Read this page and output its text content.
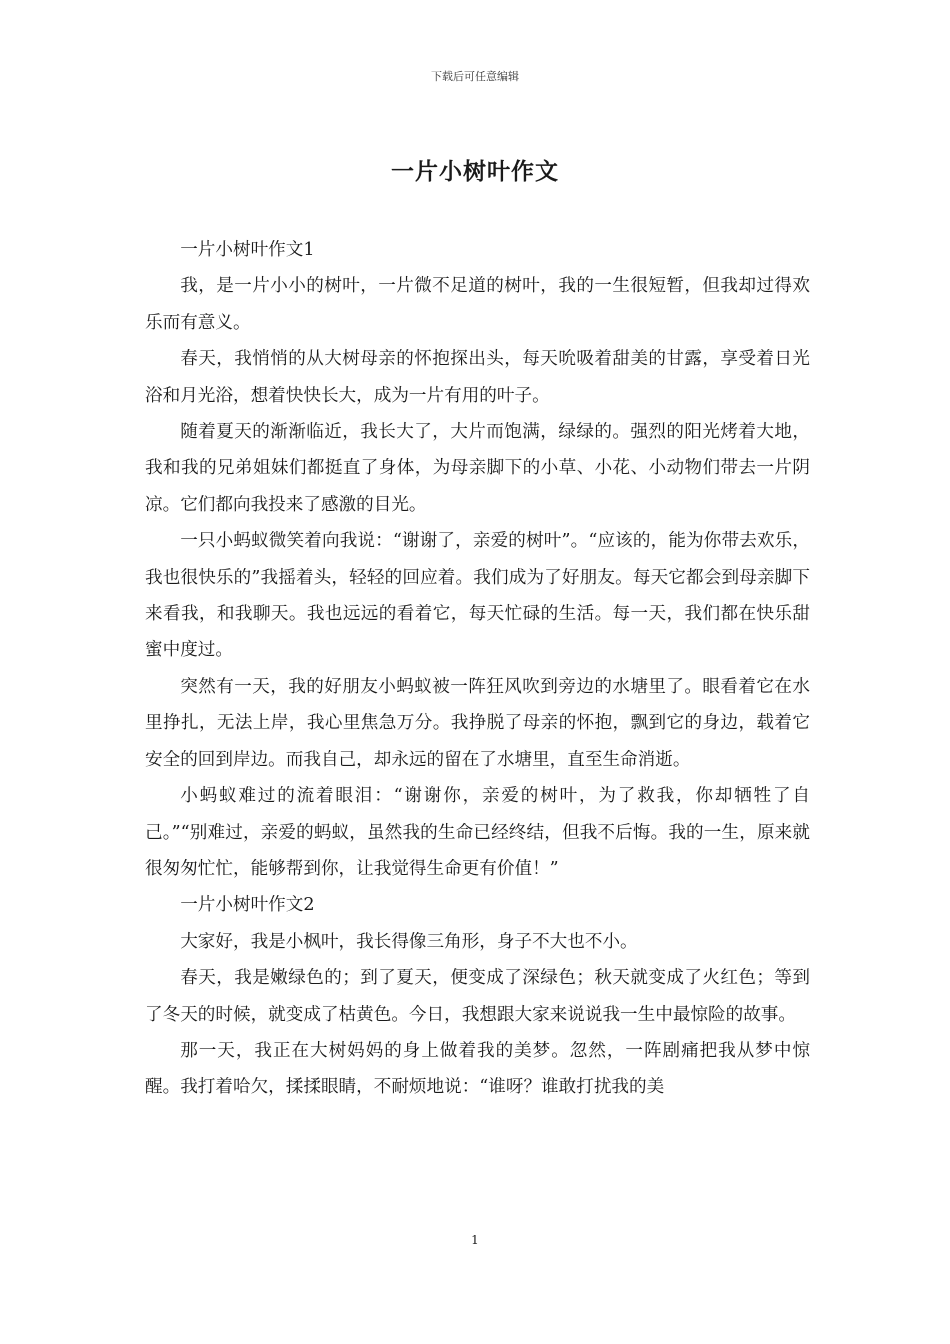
下载后可任意编辑
一片小树叶作文

一片小树叶作文1

我，是一片小小的树叶，一片微不足道的树叶，我的一生很短暂，但我却过得欢乐而有意义。

春天，我悄悄的从大树母亲的怀抱探出头，每天吮吸着甜美的甘露，享受着日光浴和月光浴，想着快快长大，成为一片有用的叶子。

随着夏天的渐渐临近，我长大了，大片而饱满，绿绿的。强烈的阳光烤着大地，我和我的兄弟姐妹们都挺直了身体，为母亲脚下的小草、小花、小动物们带去一片阴凉。它们都向我投来了感激的目光。

一只小蚂蚁微笑着向我说：“谢谢了，亲爱的树叶”。“应该的，能为你带去欢乐，我也很快乐的”我摇着头，轻轻的回应着。我们成为了好朋友。每天它都会到母亲脚下来看我，和我聊天。我也远远的看着它，每天忙碌的生活。每一天，我们都在快乐甜蜜中度过。

突然有一天，我的好朋友小蚂蚁被一阵狂风吹到旁边的水塘里了。眼看着它在水里挣扎，无法上岸，我心里焦急万分。我挣脱了母亲的怀抱，飘到它的身边，载着它安全的回到岸边。而我自己，却永远的留在了水塘里，直至生命消逝。

小蚂蚁难过的流着眼泪：“谢谢你，亲爱的树叶，为了救我，你却牺牲了自己。”“别难过，亲爱的蚂蚁，虽然我的生命已经终结，但我不后悔。我的一生，原来就很匆匆忙忙，能够帮到你，让我觉得生命更有价值！”

一片小树叶作文2

大家好，我是小枫叶，我长得像三角形，身子不大也不小。

春天，我是嫩绿色的；到了夏天，便变成了深绿色；秋天就变成了火红色；等到了冬天的时候，就变成了枯黄色。今日，我想跟大家来说说我一生中最惊险的故事。

那一天，我正在大树妈妈的身上做着我的美梦。忽然，一阵剧痛把我从梦中惊醒。我打着哈欠，揉揉眼睛，不耐烦地说：“谁呀？谁敢打扰我的美

1
